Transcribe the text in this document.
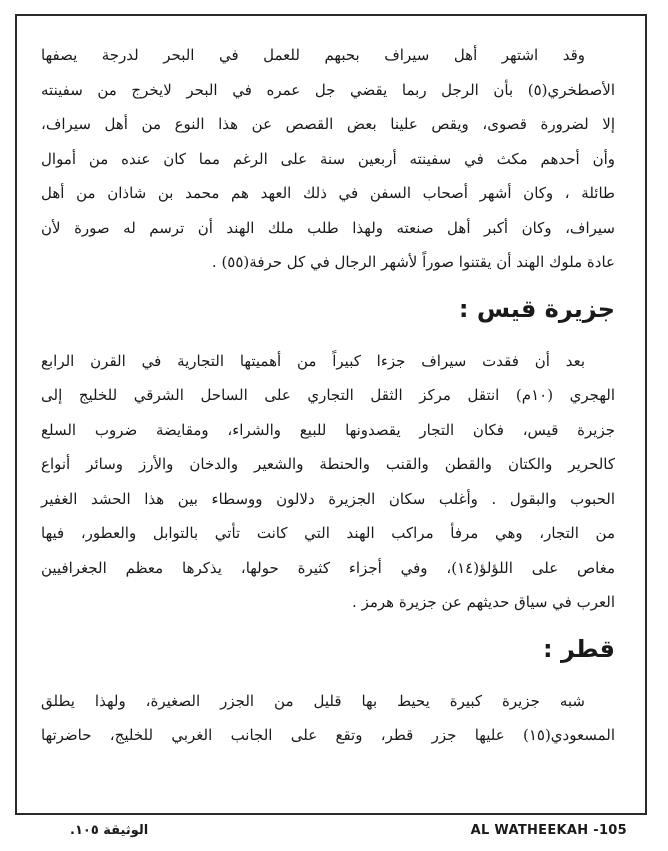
وقد اشتهر أهل سيراف بحبهم للعمل في البحر لدرجة يصفها
الأصطخري(٥) بأن الرجل ربما يقضي جل عمره في البحر لايخرج من سفينته
إلا لضرورة قصوى، ويقص علينا بعض القصص عن هذا النوع من أهل سيراف،
وأن أحدهم مكث في سفينته أربعين سنة على الرغم مما كان عنده من أموال
طائلة ، وكان أشهر أصحاب السفن في ذلك العهد هم محمد بن شاذان من أهل
سيراف، وكان أكبر أهل صنعته ولهذا طلب ملك الهند أن ترسم له صورة لأن
عادة ملوك الهند أن يقتنوا صوراً لأشهر الرجال في كل حرفة(٥٥) .

جزيرة قيس :

بعد أن فقدت سيراف جزءا كبيراً من أهميتها التجارية في القرن الرابع
الهجري (١٠م) انتقل مركز الثقل التجاري على الساحل الشرقي للخليج إلى
جزيرة قيس، فكان التجار يقصدونها للبيع والشراء، ومقايضة ضروب السلع
كالحرير والكتان والقطن والقنب والحنطة والشعير والدخان والأرز وسائر أنواع
الحبوب والبقول . وأغلب سكان الجزيرة دلالون ووسطاء بين هذا الحشد الغفير
من التجار، وهي مرفأ مراكب الهند التي كانت تأتي بالتوابل والعطور، فيها
مغاص على اللؤلؤ(١٤)، وفي أجزاء كثيرة حولها، يذكرها معظم الجغرافيين
العرب في سياق حديثهم عن جزيرة هرمز .

قطر :

شبه جزيرة كبيرة يحيط بها قليل من الجزر الصغيرة، ولهذا يطلق
المسعودي(١٥) عليها جزر قطر، وتقع على الجانب الغربي للخليج، حاضرتها

الوثيقة ١٠٥.	AL WATHEEKAH -105
